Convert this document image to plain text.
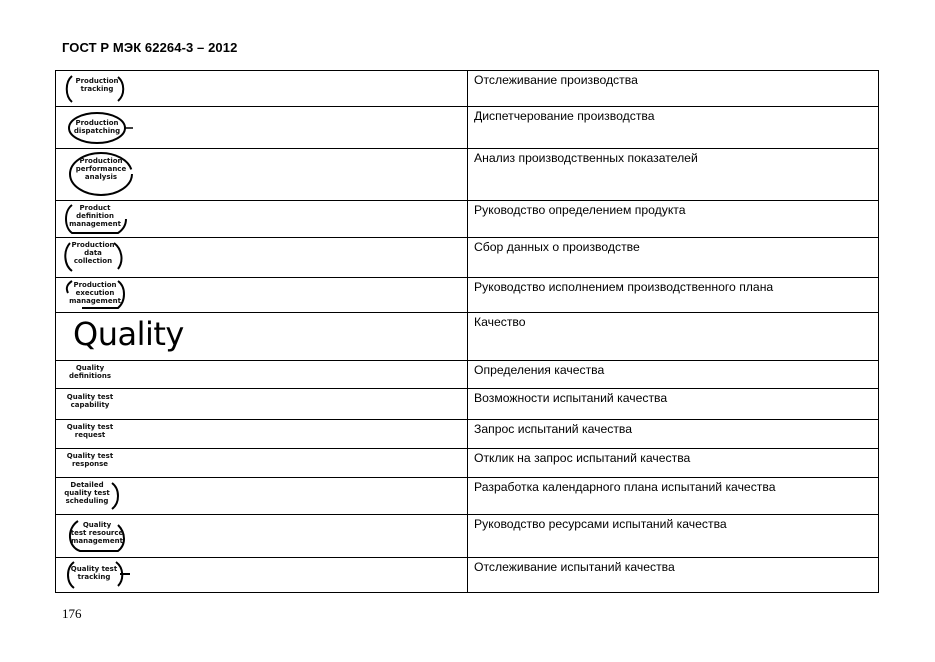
ГОСТ Р МЭК 62264-3 – 2012
Production
tracking	Отслеживание производства

Production
dispatching	Диспетчерование производства

Production
performance
analysis	Анализ производственных показателей

Product
definition
management	Руководство определением продукта

Production
data
collection	Сбор данных о производстве

Production
execution
management	Руководство исполнением производственного плана

Quality	Качество

Quality
definitions	Определения качества

Quality test
capability	Возможности испытаний качества

Quality test
request	Запрос испытаний качества

Quality test
response	Отклик на запрос испытаний качества

Detailed
quality test
scheduling	Разработка календарного плана испытаний качества

Quality
test resource
management	Руководство ресурсами испытаний качества

Quality test
tracking	Отслеживание испытаний качества
176
